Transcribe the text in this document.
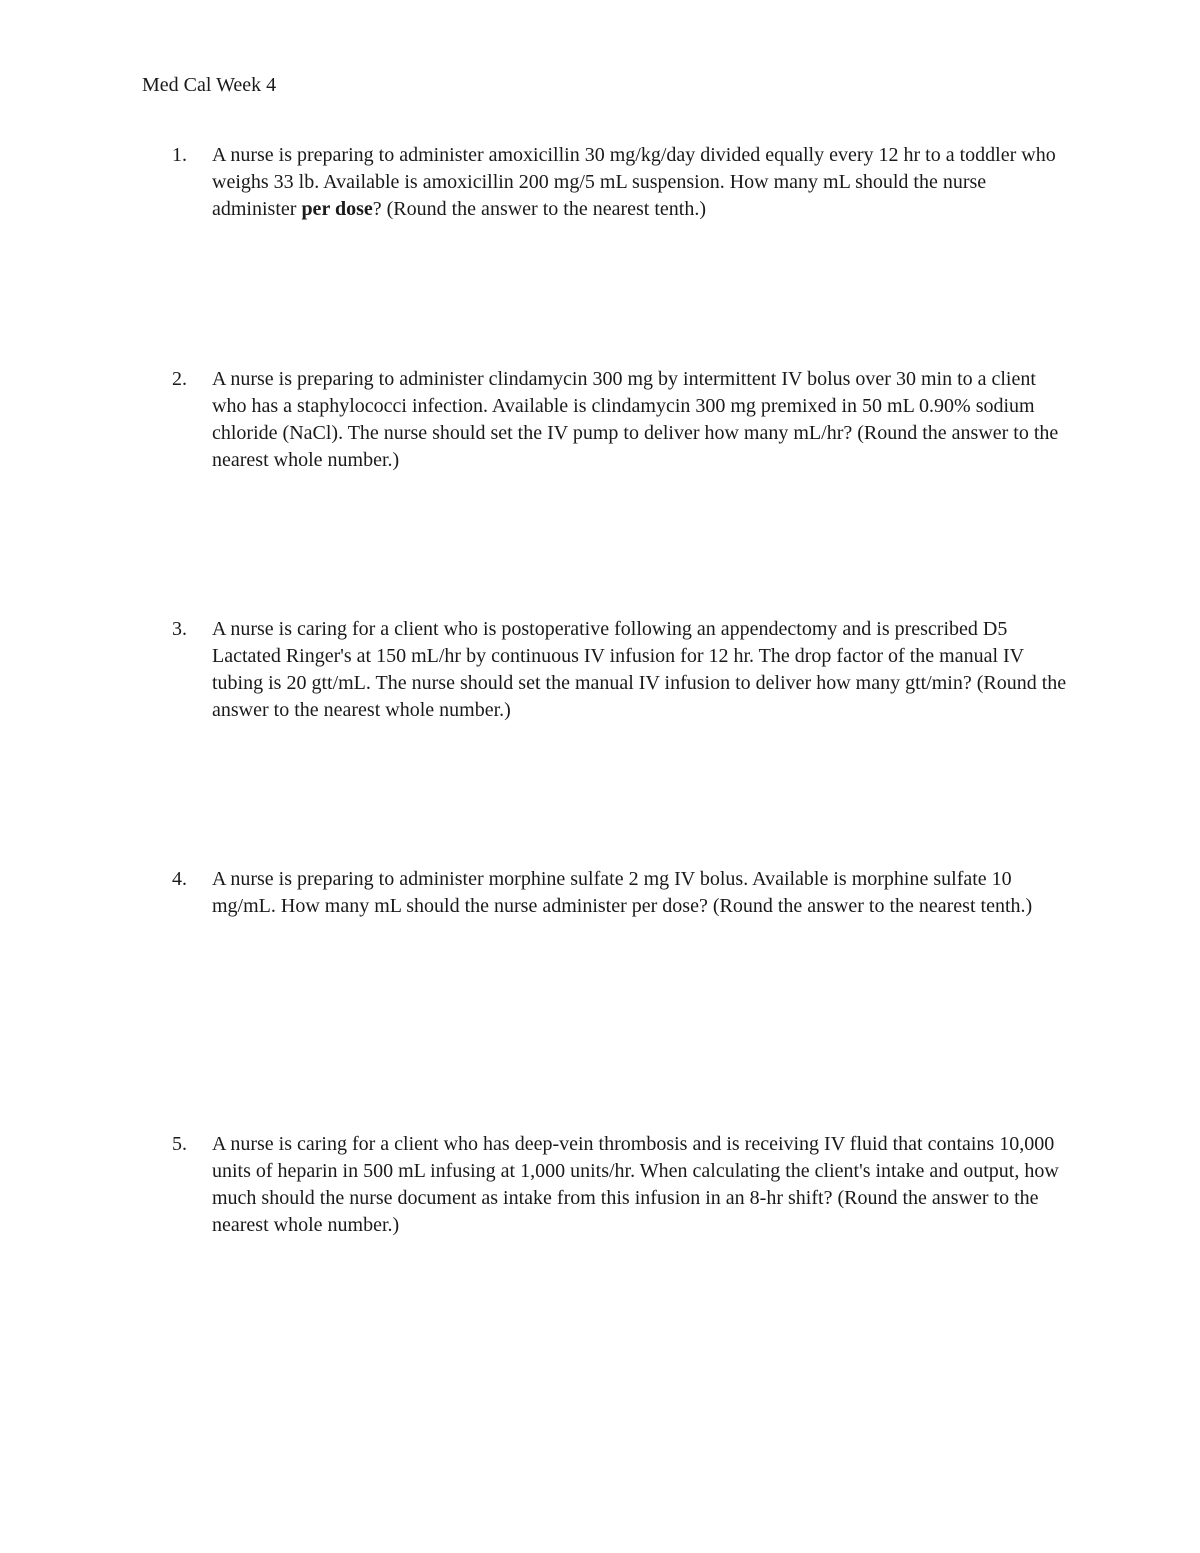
Med Cal Week 4
1.	A nurse is preparing to administer amoxicillin 30 mg/kg/day divided equally every 12 hr to a toddler who weighs 33 lb. Available is amoxicillin 200 mg/5 mL suspension. How many mL should the nurse administer per dose? (Round the answer to the nearest tenth.)
2.	A nurse is preparing to administer clindamycin 300 mg by intermittent IV bolus over 30 min to a client who has a staphylococci infection. Available is clindamycin 300 mg premixed in 50 mL 0.90% sodium chloride (NaCl). The nurse should set the IV pump to deliver how many mL/hr? (Round the answer to the nearest whole number.)
3.	A nurse is caring for a client who is postoperative following an appendectomy and is prescribed D5 Lactated Ringer's at 150 mL/hr by continuous IV infusion for 12 hr. The drop factor of the manual IV tubing is 20 gtt/mL. The nurse should set the manual IV infusion to deliver how many gtt/min? (Round the answer to the nearest whole number.)
4.	A nurse is preparing to administer morphine sulfate 2 mg IV bolus. Available is morphine sulfate 10 mg/mL. How many mL should the nurse administer per dose? (Round the answer to the nearest tenth.)
5.	A nurse is caring for a client who has deep-vein thrombosis and is receiving IV fluid that contains 10,000 units of heparin in 500 mL infusing at 1,000 units/hr. When calculating the client's intake and output, how much should the nurse document as intake from this infusion in an 8-hr shift? (Round the answer to the nearest whole number.)
